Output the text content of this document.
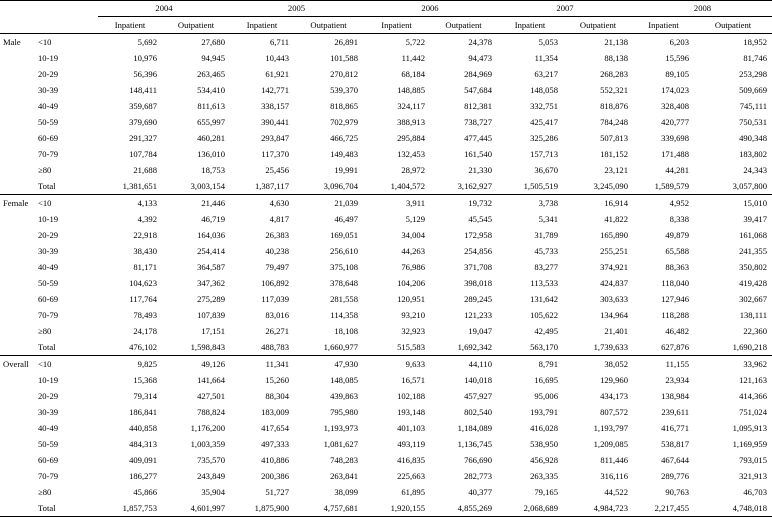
		2004		2005		2006		2007		2008	
		Inpatient	Outpatient	Inpatient	Outpatient	Inpatient	Outpatient	Inpatient	Outpatient	Inpatient	Outpatient
Male	<10	5,692	27,680	6,711	26,891	5,722	24,378	5,053	21,138	6,203	18,952
	10-19	10,976	94,945	10,443	101,588	11,442	94,473	11,354	88,138	15,596	81,746
	20-29	56,396	263,465	61,921	270,812	68,184	284,969	63,217	268,283	89,105	253,298
	30-39	148,411	534,410	142,771	539,370	148,885	547,684	148,058	552,321	174,023	509,669
	40-49	359,687	811,613	338,157	818,865	324,117	812,381	332,751	818,876	328,408	745,111
	50-59	379,690	655,997	390,441	702,979	388,913	738,727	425,417	784,248	420,777	750,531
	60-69	291,327	460,281	293,847	466,725	295,884	477,445	325,286	507,813	339,698	490,348
	70-79	107,784	136,010	117,370	149,483	132,453	161,540	157,713	181,152	171,488	183,802
	≥80	21,688	18,753	25,456	19,991	28,972	21,330	36,670	23,121	44,281	24,343
	Total	1,381,651	3,003,154	1,387,117	3,096,704	1,404,572	3,162,927	1,505,519	3,245,090	1,589,579	3,057,800
Female	<10	4,133	21,446	4,630	21,039	3,911	19,732	3,738	16,914	4,952	15,010
	10-19	4,392	46,719	4,817	46,497	5,129	45,545	5,341	41,822	8,338	39,417
	20-29	22,918	164,036	26,383	169,051	34,004	172,958	31,789	165,890	49,879	161,068
	30-39	38,430	254,414	40,238	256,610	44,263	254,856	45,733	255,251	65,588	241,355
	40-49	81,171	364,587	79,497	375,108	76,986	371,708	83,277	374,921	88,363	350,802
	50-59	104,623	347,362	106,892	378,648	104,206	398,018	113,533	424,837	118,040	419,428
	60-69	117,764	275,289	117,039	281,558	120,951	289,245	131,642	303,633	127,946	302,667
	70-79	78,493	107,839	83,016	114,358	93,210	121,233	105,622	134,964	118,288	138,111
	≥80	24,178	17,151	26,271	18,108	32,923	19,047	42,495	21,401	46,482	22,360
	Total	476,102	1,598,843	488,783	1,660,977	515,583	1,692,342	563,170	1,739,633	627,876	1,690,218
Overall	<10	9,825	49,126	11,341	47,930	9,633	44,110	8,791	38,052	11,155	33,962
	10-19	15,368	141,664	15,260	148,085	16,571	140,018	16,695	129,960	23,934	121,163
	20-29	79,314	427,501	88,304	439,863	102,188	457,927	95,006	434,173	138,984	414,366
	30-39	186,841	788,824	183,009	795,980	193,148	802,540	193,791	807,572	239,611	751,024
	40-49	440,858	1,176,200	417,654	1,193,973	401,103	1,184,089	416,028	1,193,797	416,771	1,095,913
	50-59	484,313	1,003,359	497,333	1,081,627	493,119	1,136,745	538,950	1,209,085	538,817	1,169,959
	60-69	409,091	735,570	410,886	748,283	416,835	766,690	456,928	811,446	467,644	793,015
	70-79	186,277	243,849	200,386	263,841	225,663	282,773	263,335	316,116	289,776	321,913
	≥80	45,866	35,904	51,727	38,099	61,895	40,377	79,165	44,522	90,763	46,703
	Total	1,857,753	4,601,997	1,875,900	4,757,681	1,920,155	4,855,269	2,068,689	4,984,723	2,217,455	4,748,018
